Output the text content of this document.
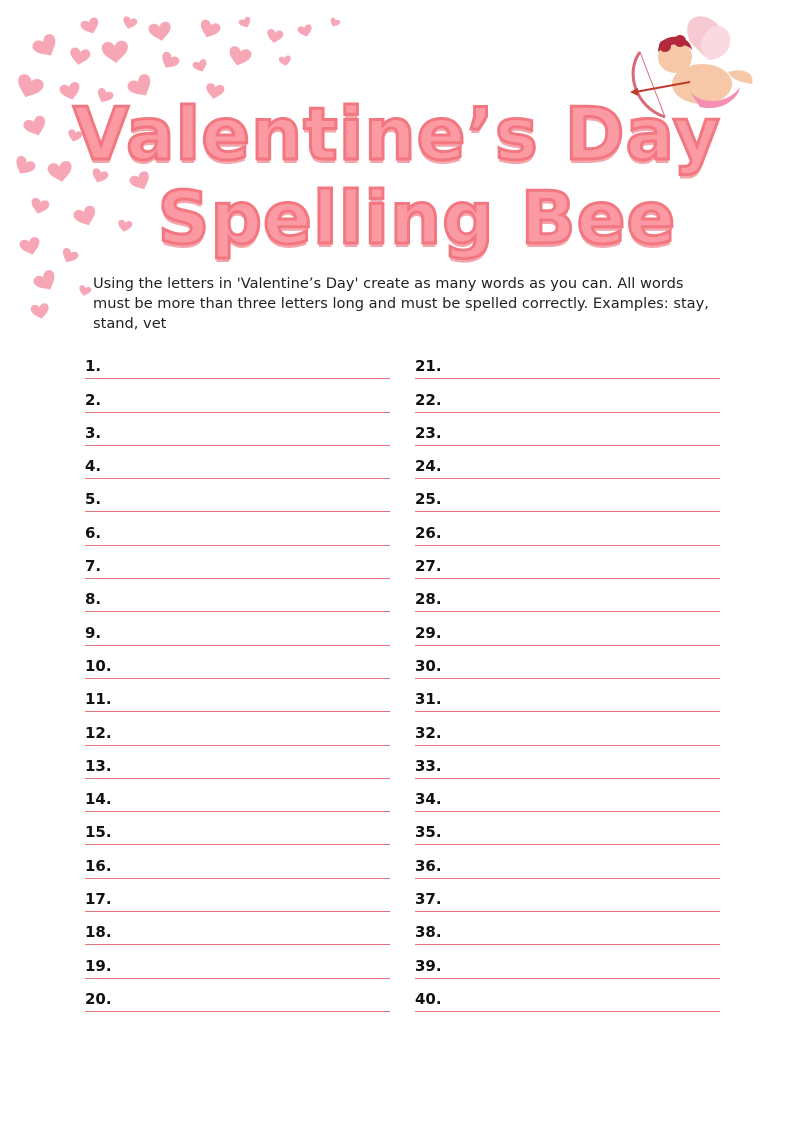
Valentine’s Day
Spelling Bee

Using the letters in 'Valentine’s Day' create as many words as you can. All words must be more than three letters long and must be spelled correctly. Examples: stay, stand, vet

1.
2.
3.
4.
5.
6.
7.
8.
9.
10.
11.
12.
13.
14.
15.
16.
17.
18.
19.
20.
21.
22.
23.
24.
25.
26.
27.
28.
29.
30.
31.
32.
33.
34.
35.
36.
37.
38.
39.
40.
